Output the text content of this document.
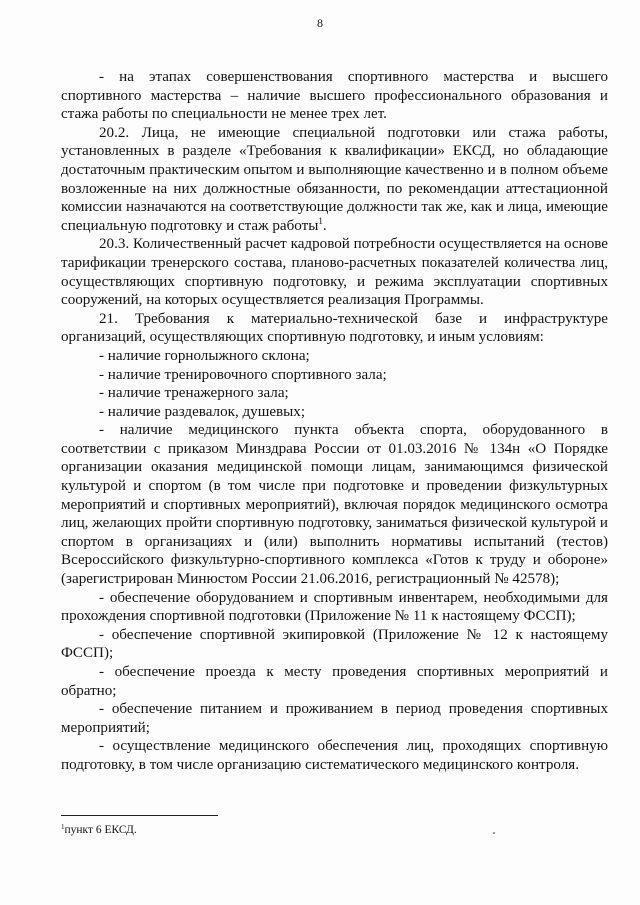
8

- на этапах совершенствования спортивного мастерства и высшего спортивного мастерства – наличие высшего профессионального образования и стажа работы по специальности не менее трех лет.

20.2. Лица, не имеющие специальной подготовки или стажа работы, установленных в разделе «Требования к квалификации» ЕКСД, но обладающие достаточным практическим опытом и выполняющие качественно и в полном объеме возложенные на них должностные обязанности, по рекомендации аттестационной комиссии назначаются на соответствующие должности так же, как и лица, имеющие специальную подготовку и стаж работы$^1$.

20.3. Количественный расчет кадровой потребности осуществляется на основе тарификации тренерского состава, планово-расчетных показателей количества лиц, осуществляющих спортивную подготовку, и режима эксплуатации спортивных сооружений, на которых осуществляется реализация Программы.

21. Требования к материально-технической базе и инфраструктуре организаций, осуществляющих спортивную подготовку, и иным условиям:

- наличие горнолыжного склона;

- наличие тренировочного спортивного зала;

- наличие тренажерного зала;

- наличие раздевалок, душевых;

- наличие медицинского пункта объекта спорта, оборудованного в соответствии с приказом Минздрава России от 01.03.2016 № 134н «О Порядке организации оказания медицинской помощи лицам, занимающимся физической культурой и спортом (в том числе при подготовке и проведении физкультурных мероприятий и спортивных мероприятий), включая порядок медицинского осмотра лиц, желающих пройти спортивную подготовку, заниматься физической культурой и спортом в организациях и (или) выполнить нормативы испытаний (тестов) Всероссийского физкультурно-спортивного комплекса «Готов к труду и обороне» (зарегистрирован Минюстом России 21.06.2016, регистрационный № 42578);

- обеспечение оборудованием и спортивным инвентарем, необходимыми для прохождения спортивной подготовки (Приложение № 11 к настоящему ФССП);

- обеспечение спортивной экипировкой (Приложение № 12 к настоящему ФССП);

- обеспечение проезда к месту проведения спортивных мероприятий и обратно;

- обеспечение питанием и проживанием в период проведения спортивных мероприятий;

- осуществление медицинского обеспечения лиц, проходящих спортивную подготовку, в том числе организацию систематического медицинского контроля.

$^1$пункт 6 ЕКСД.
